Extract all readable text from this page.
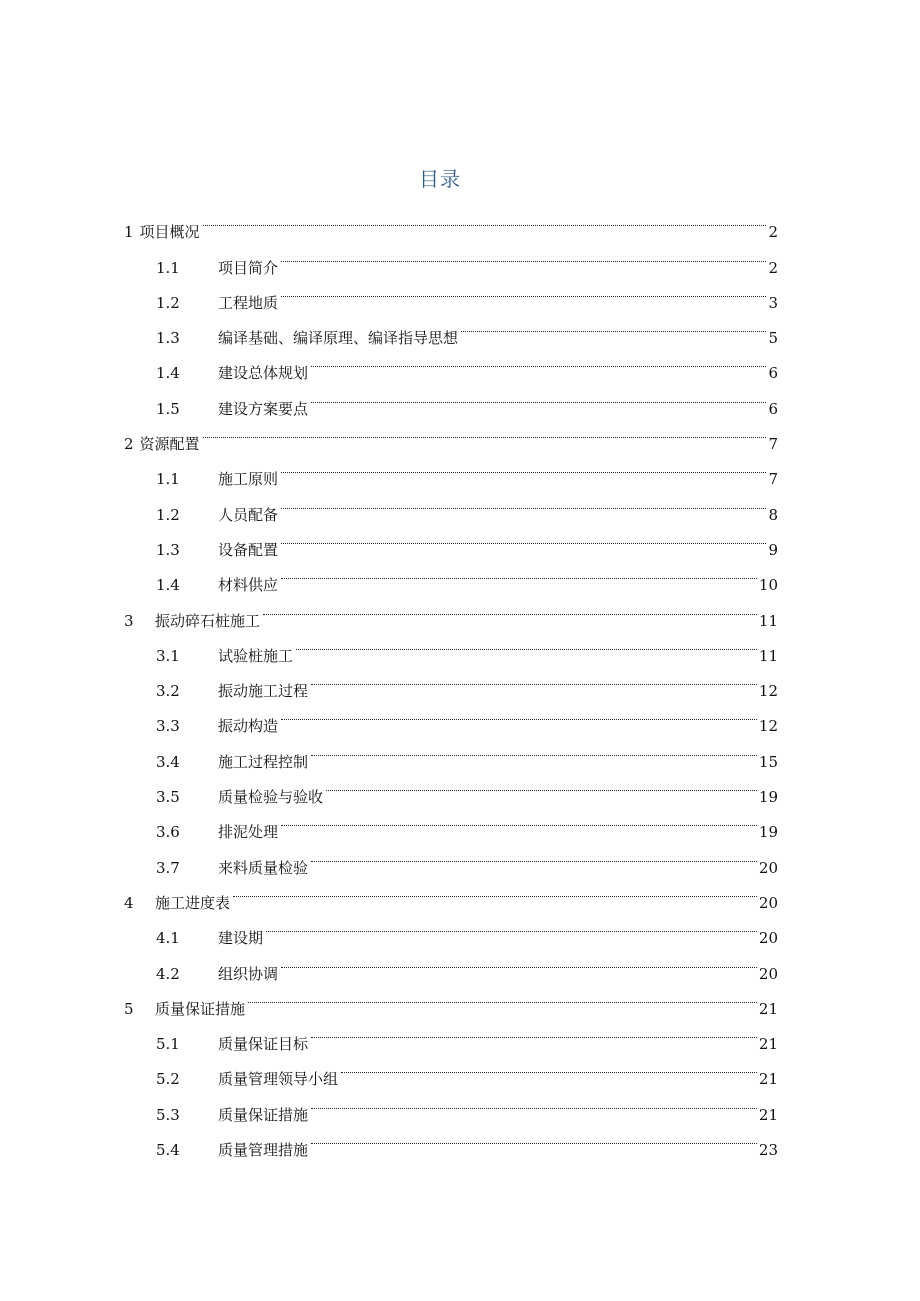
目录
1 项目概况	2
1.1	项目简介	2
1.2	工程地质	3
1.3	编译基础、编译原理、编译指导思想	5
1.4	建设总体规划	6
1.5	建设方案要点	6
2 资源配置	7
1.1	施工原则	7
1.2	人员配备	8
1.3	设备配置	9
1.4	材料供应	10
3	振动碎石桩施工	11
3.1	试验桩施工	11
3.2	振动施工过程	12
3.3	振动构造	12
3.4	施工过程控制	15
3.5	质量检验与验收	19
3.6	排泥处理	19
3.7	来料质量检验	20
4	施工进度表	20
4.1	建设期	20
4.2	组织协调	20
5	质量保证措施	21
5.1	质量保证目标	21
5.2	质量管理领导小组	21
5.3	质量保证措施	21
5.4	质量管理措施	23
